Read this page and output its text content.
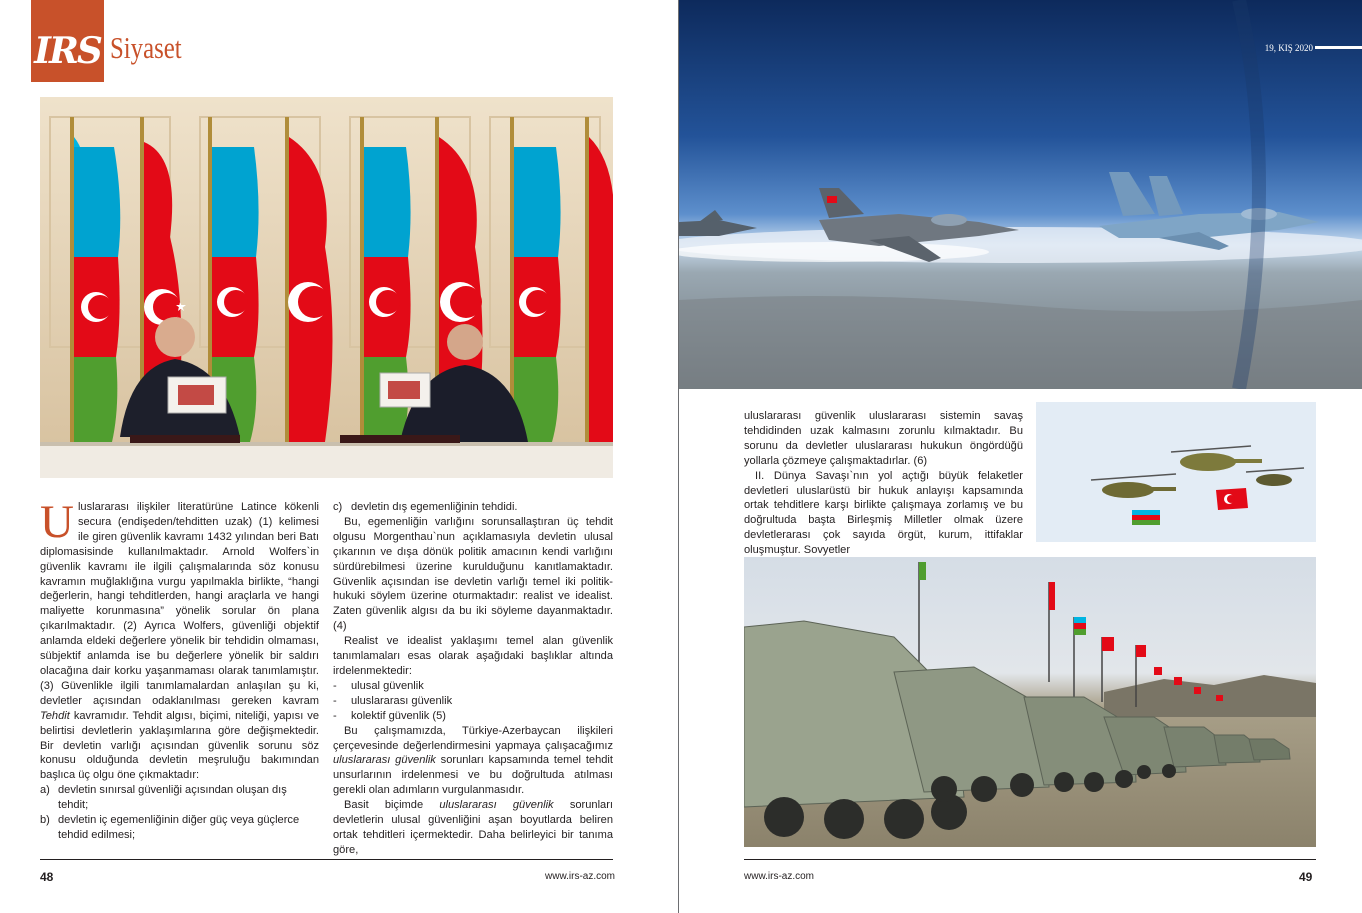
IRS Siyaset

Uluslararası ilişkiler literatürüne Latince kökenli secura (endişeden/tehditten uzak) (1) kelimesi ile giren güvenlik kavramı 1432 yılından beri Batı diplomasisinde kullanılmaktadır. Arnold Wolfers`in güvenlik kavramı ile ilgili çalışmalarında söz konusu kavramın muğlaklığına vurgu yapılmakla birlikte, “hangi değerlerin, hangi tehditlerden, hangi araçlarla ve hangi maliyette korunmasına” yönelik sorular ön plana çıkarılmaktadır. (2) Ayrıca Wolfers, güvenliği objektif anlamda eldeki değerlere yönelik bir tehdidin olmaması, sübjektif anlamda ise bu değerlere yönelik bir saldırı olacağına dair korku yaşanmaması olarak tanımlamıştır. (3) Güvenlikle ilgili tanımlamalardan anlaşılan şu ki, devletler açısından odaklanılması gereken kavram Tehdit kavramıdır. Tehdit algısı, biçimi, niteliği, yapısı ve belirtisi devletlerin yaklaşımlarına göre değişmektedir. Bir devletin varlığı açısından güvenlik sorunu söz konusu olduğunda devletin meşruluğu bakımından başlıca üç olgu öne çıkmaktadır:

a) devletin sınırsal güvenliği açısından oluşan dış tehdit;
b) devletin iç egemenliğinin diğer güç veya güçlerce tehdid edilmesi;
c) devletin dış egemenliğinin tehdidi.

Bu, egemenliğin varlığını sorunsallaştıran üç tehdit olgusu Morgenthau`nun açıklamasıyla devletin ulusal çıkarının ve dışa dönük politik amacının kendi varlığını sürdürebilmesi üzerine kurulduğunu kanıtlamaktadır. Güvenlik açısından ise devletin varlığı temel iki politik-hukuki söylem üzerine oturmaktadır: realist ve idealist. Zaten güvenlik algısı da bu iki söyleme dayanmaktadır. (4)

Realist ve idealist yaklaşımı temel alan güvenlik tanımlamaları esas olarak aşağıdaki başlıklar altında irdelenmektedir:

-	ulusal güvenlik
-	uluslararası güvenlik
-	kolektif güvenlik (5)

Bu çalışmamızda, Türkiye-Azerbaycan ilişkileri çerçevesinde değerlendirmesini yapmaya çalışacağımız uluslararası güvenlik sorunları kapsamında temel tehdit unsurlarının irdelenmesi ve bu doğrultuda atılması gerekli olan adımların vurgulanmasıdır.

Basit biçimde uluslararası güvenlik sorunları devletlerin ulusal güvenliğini aşan boyutlarda beliren ortak tehditleri içermektedir. Daha belirleyici bir tanıma göre,

48	www.irs-az.com
19, KIŞ 2020

uluslararası güvenlik uluslararası sistemin savaş tehdidinden uzak kalmasını zorunlu kılmaktadır. Bu sorunu da devletler uluslararası hukukun öngördüğü yollarla çözmeye çalışmaktadırlar. (6)

II. Dünya Savaşı`nın yol açtığı büyük felaketler devletleri uluslarüstü bir hukuk anlayışı kapsamında ortak tehditlere karşı birlikte çalışmaya zorlamış ve bu doğrultuda başta Birleşmiş Milletler olmak üzere devletlerarası çok sayıda örgüt, kurum, ittifaklar oluşmuştur. Sovyetler

www.irs-az.com	49
